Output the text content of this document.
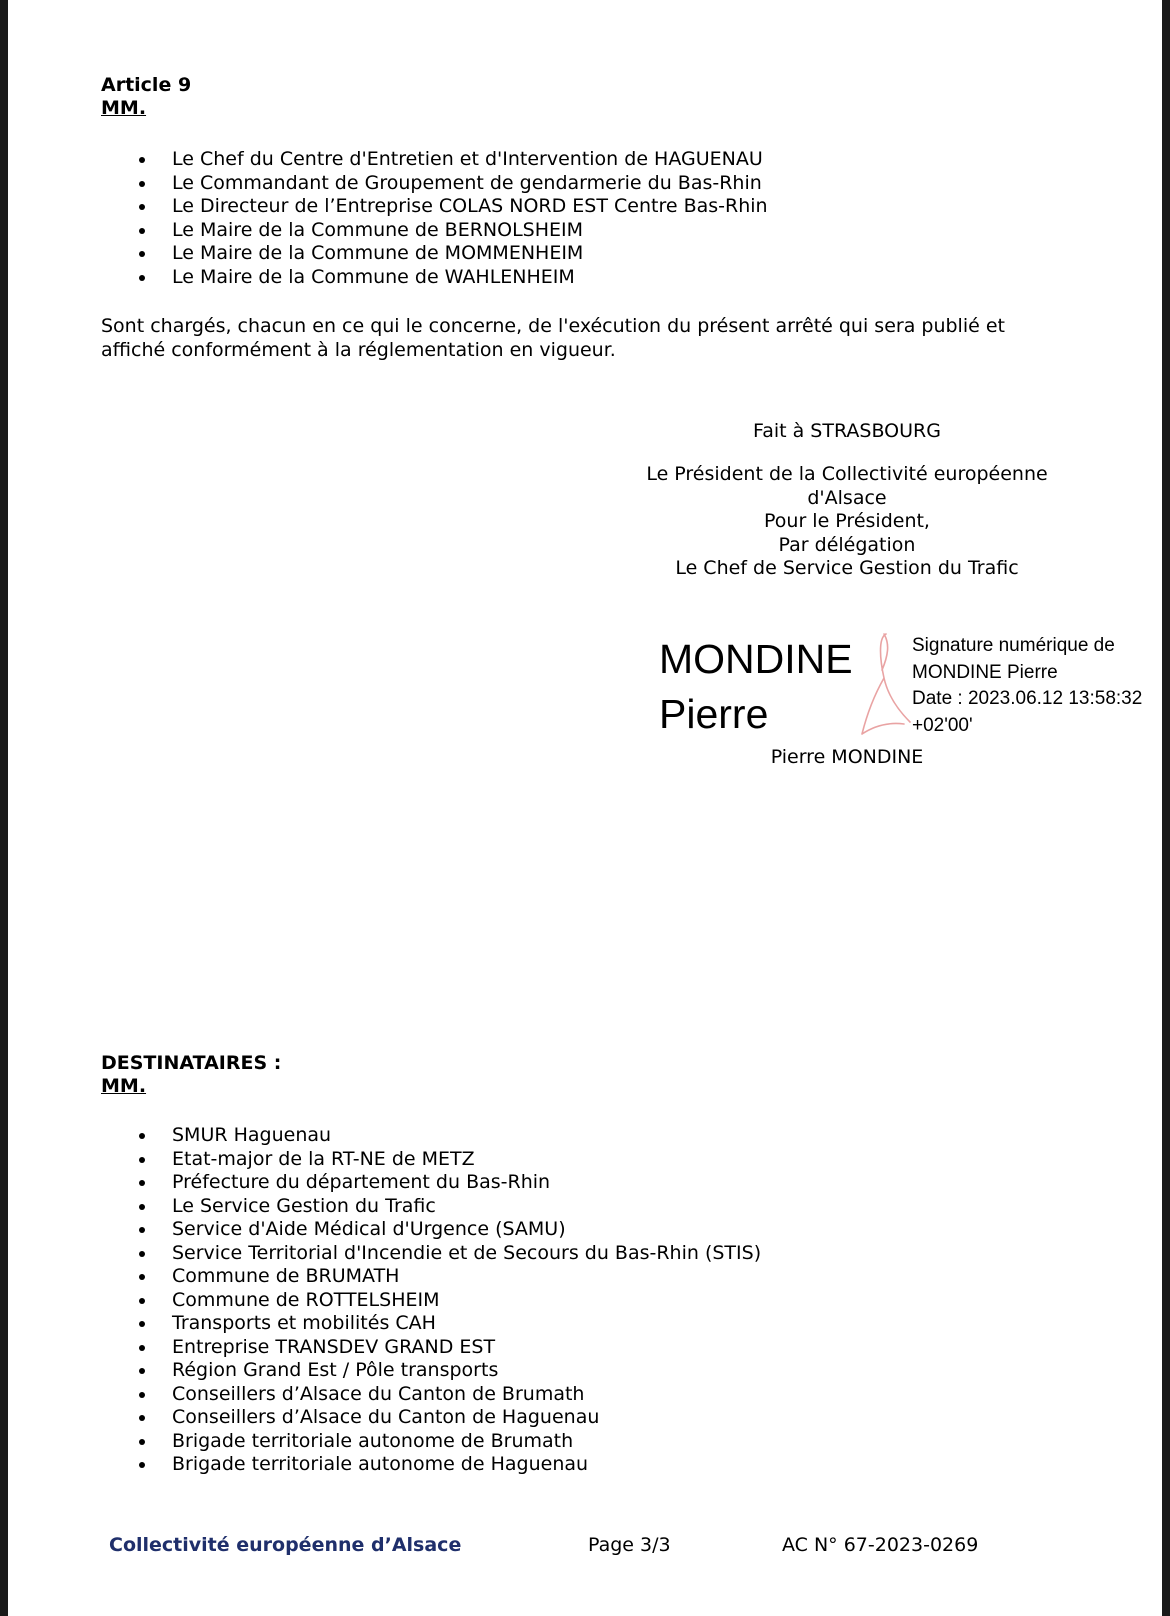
Article 9
MM.
Le Chef du Centre d'Entretien et d'Intervention de HAGUENAU
Le Commandant de Groupement de gendarmerie du Bas-Rhin
Le Directeur de l’Entreprise COLAS NORD EST Centre Bas-Rhin
Le Maire de la Commune de BERNOLSHEIM
Le Maire de la Commune de MOMMENHEIM
Le Maire de la Commune de WAHLENHEIM

Sont chargés, chacun en ce qui le concerne, de l'exécution du présent arrêté qui sera publié et affiché conformément à la réglementation en vigueur.

Fait à STRASBOURG
Le Président de la Collectivité européenne
d'Alsace
Pour le Président,
Par délégation
Le Chef de Service Gestion du Trafic
MONDINE
Pierre
Signature numérique de
MONDINE Pierre
Date : 2023.06.12 13:58:32
+02'00'
Pierre MONDINE
DESTINATAIRES :
MM.
SMUR Haguenau
Etat-major de la RT-NE de METZ
Préfecture du département du Bas-Rhin
Le Service Gestion du Trafic
Service d'Aide Médical d'Urgence (SAMU)
Service Territorial d'Incendie et de Secours du Bas-Rhin (STIS)
Commune de BRUMATH
Commune de ROTTELSHEIM
Transports et mobilités CAH
Entreprise TRANSDEV GRAND EST
Région Grand Est / Pôle transports
Conseillers d’Alsace du Canton de Brumath
Conseillers d’Alsace du Canton de Haguenau
Brigade territoriale autonome de Brumath
Brigade territoriale autonome de Haguenau
Collectivité européenne d’Alsace	Page 3/3	AC N° 67-2023-0269
